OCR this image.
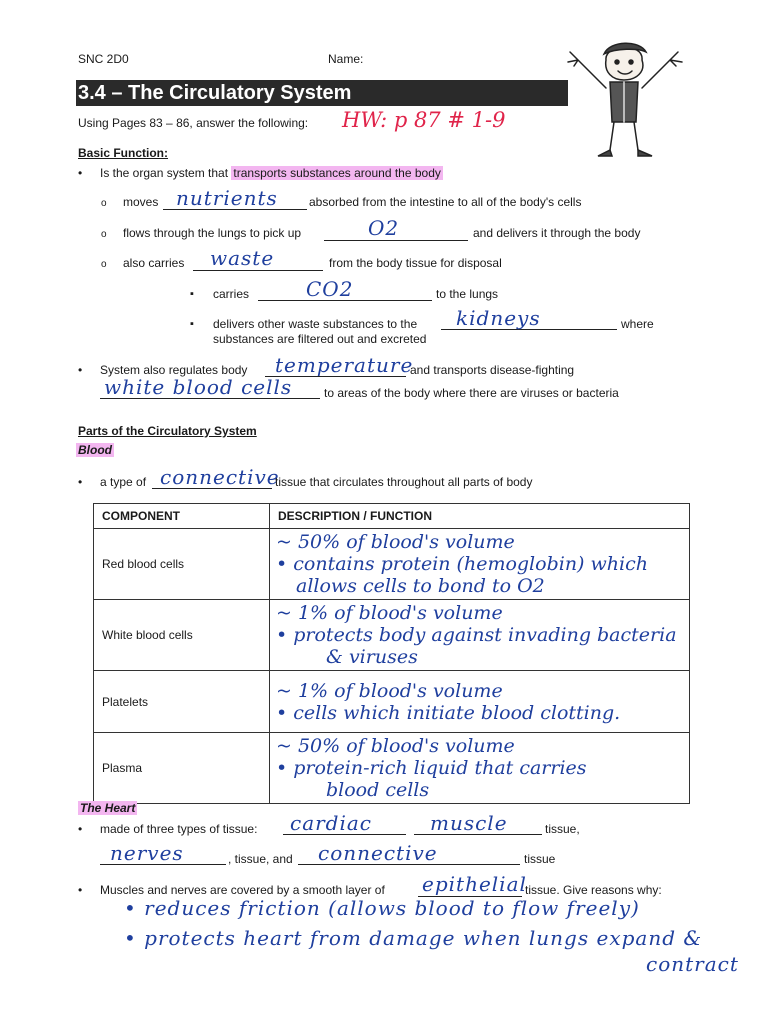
SNC 2D0	Name:
3.4 – The Circulatory System
Using Pages 83 – 86, answer the following: HW: p 87 # 1-9
Basic Function:
•
Is the organ system that transports substances around the body
o
moves nutrients	absorbed from the intestine to all of the body's cells
o
flows through the lungs to pick up	O2	and delivers it through the body
o
also carries waste	from the body tissue for disposal
▪
carries	CO2	to the lungs
▪
delivers other waste substances to the kidneys	where
substances are filtered out and excreted
•
System also regulates body temperature
and transports disease-fighting
white blood cells	to areas of the body where there are viruses or bacteria
Parts of the Circulatory System
Blood
•
a type of connective
tissue that circulates throughout all parts of body
COMPONENT	DESCRIPTION / FUNCTION
Red blood cells	~ 50% of blood's volume
• contains protein (hemoglobin) which
allows cells to bond to O2

White blood cells	~ 1% of blood's volume
• protects body against invading bacteria
& viruses

Platelets	~ 1% of blood's volume
• cells which initiate blood clotting.

Plasma	~ 50% of blood's volume
• protein-rich liquid that carries
blood cells
The Heart
•
made of three types of tissue: cardiac	muscle	tissue,
nerves	, tissue, and connective	tissue
•
Muscles and nerves are covered by a smooth layer of epithelial
tissue. Give reasons why:
• reduces friction (allows blood to flow freely)
• protects heart from damage when lungs expand &
contract
